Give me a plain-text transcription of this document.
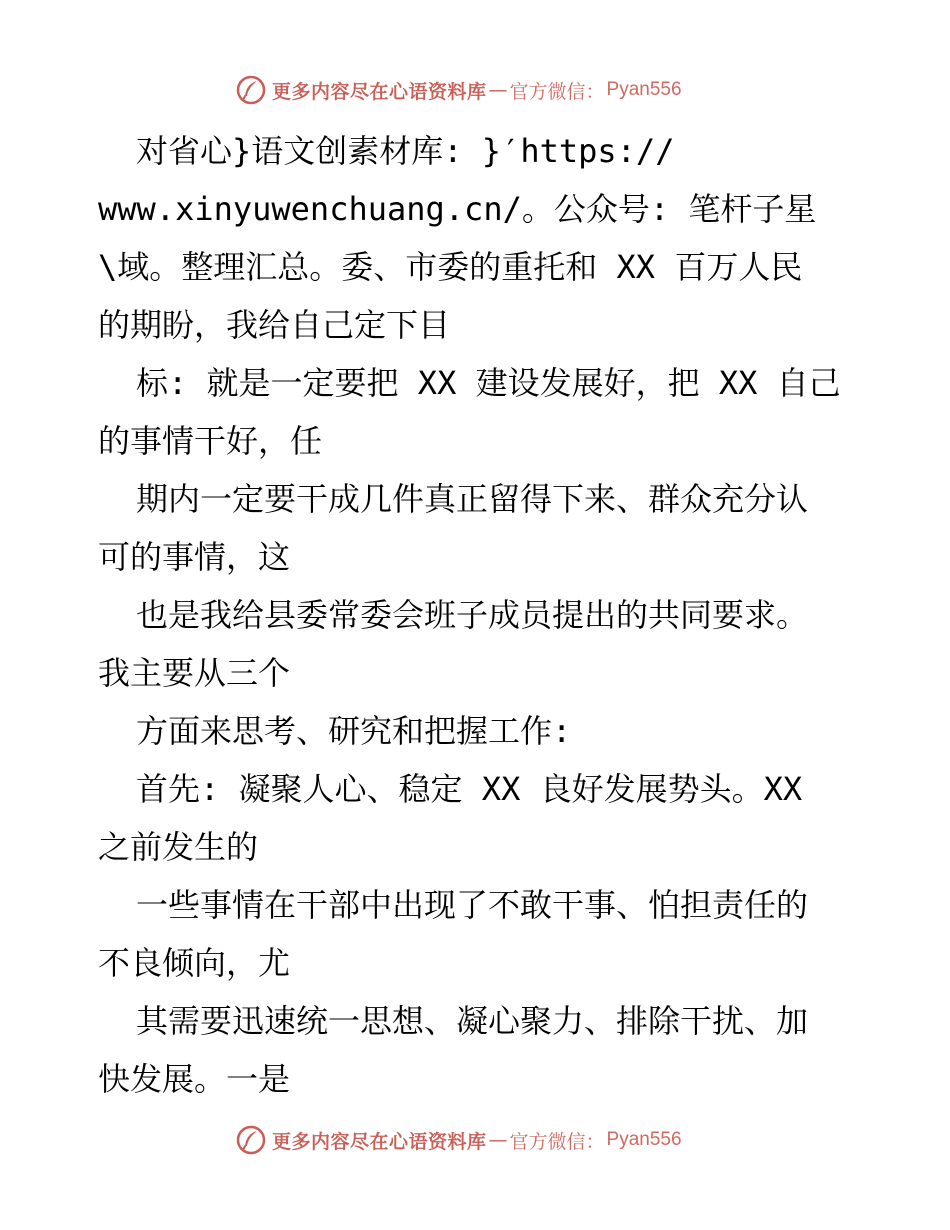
更多内容尽在心语资料库 — 官方微信： Pyan556
对省心}语文创素材库: }′https://
www.xinyuwenchuang.cn/。公众号: 笔杆子星
\域。整理汇总。委、市委的重托和 XX 百万人民
的期盼，我给自己定下目
标: 就是一定要把 XX 建设发展好，把 XX 自己
的事情干好，任
期内一定要干成几件真正留得下来、群众充分认
可的事情，这
也是我给县委常委会班子成员提出的共同要求。
我主要从三个
方面来思考、研究和把握工作:
首先: 凝聚人心、稳定 XX 良好发展势头。XX
之前发生的
一些事情在干部中出现了不敢干事、怕担责任的
不良倾向，尤
其需要迅速统一思想、凝心聚力、排除干扰、加
快发展。一是
更多内容尽在心语资料库 — 官方微信： Pyan556
